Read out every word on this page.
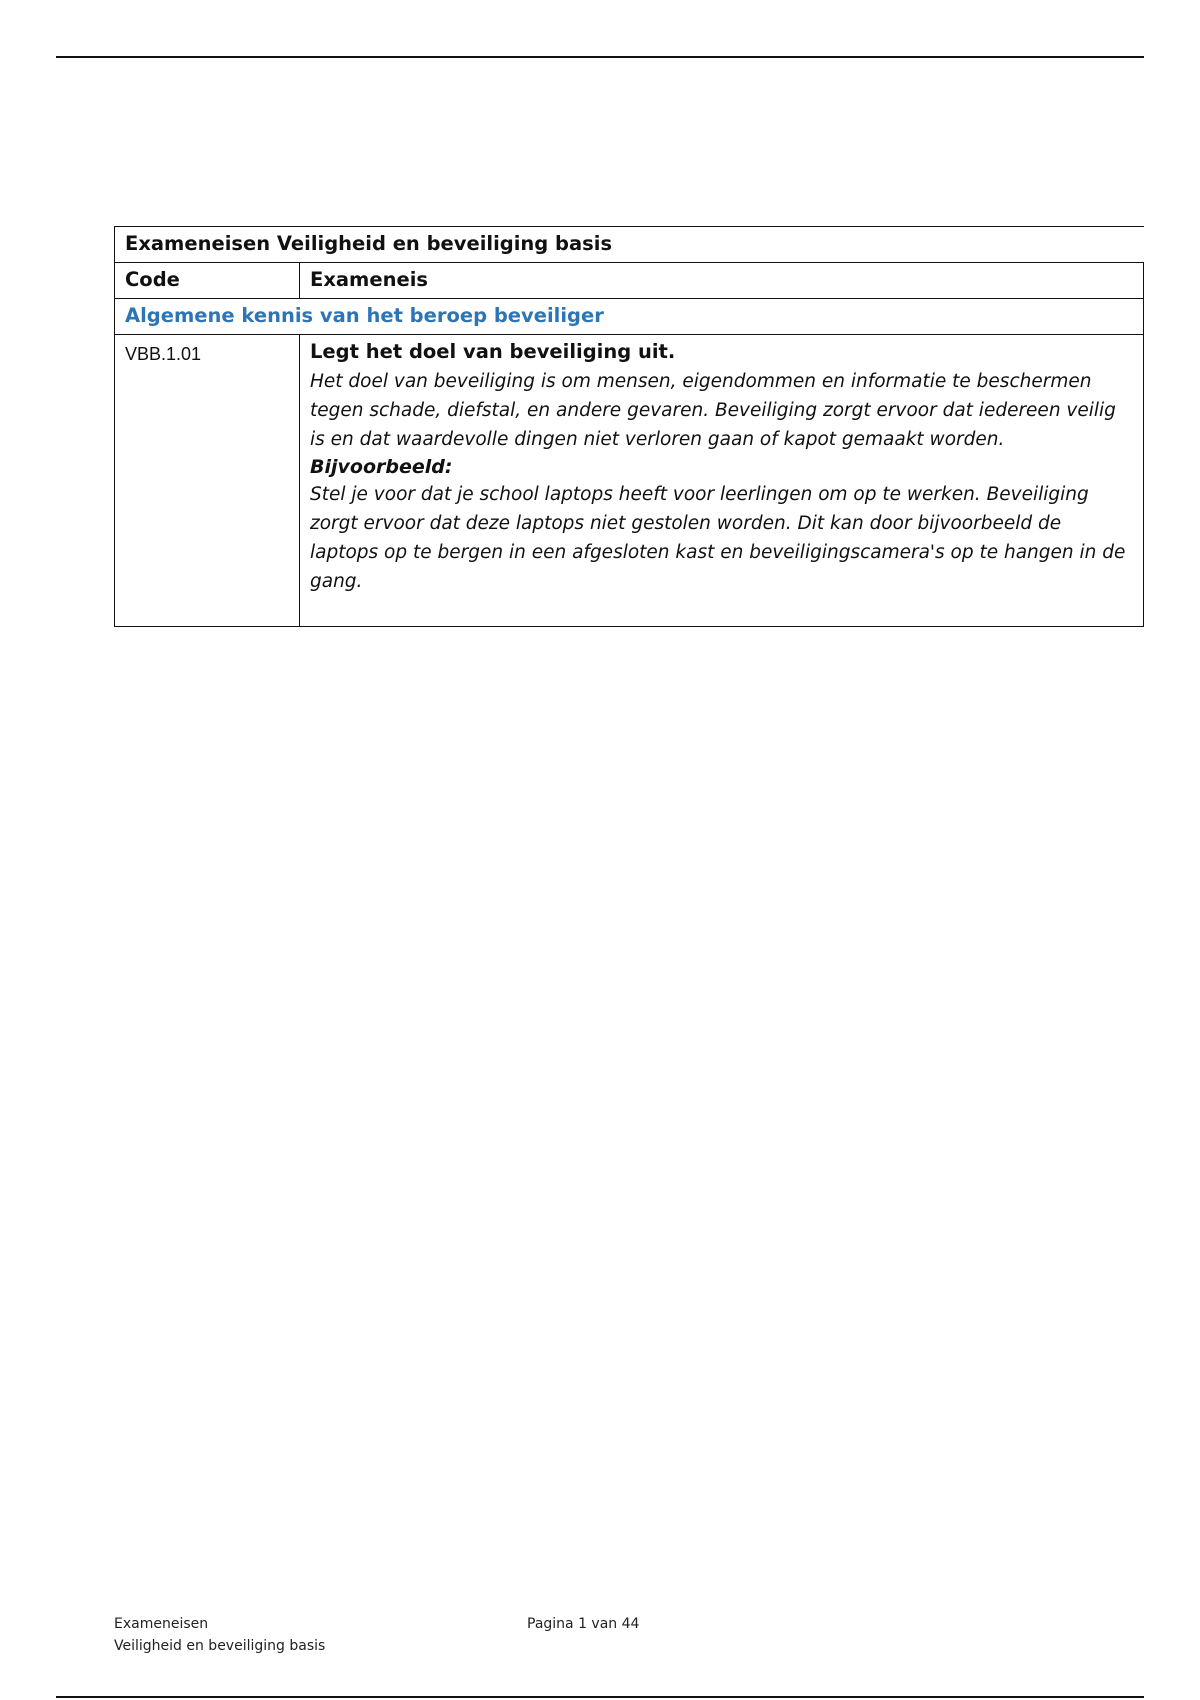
Exameneisen Veiligheid en beveiliging basis	
Code	Exameneis
Algemene kennis van het beroep beveiliger	
VBB.1.01	Legt het doel van beveiliging uit.
Het doel van beveiliging is om mensen, eigendommen en informatie te beschermen tegen schade, diefstal, en andere gevaren. Beveiliging zorgt ervoor dat iedereen veilig is en dat waardevolle dingen niet verloren gaan of kapot gemaakt worden.
Bijvoorbeeld:
Stel je voor dat je school laptops heeft voor leerlingen om op te werken. Beveiliging zorgt ervoor dat deze laptops niet gestolen worden. Dit kan door bijvoorbeeld de laptops op te bergen in een afgesloten kast en beveiligingscamera's op te hangen in de gang.
Exameneisen
Veiligheid en beveiliging basis
Pagina 1 van 44
